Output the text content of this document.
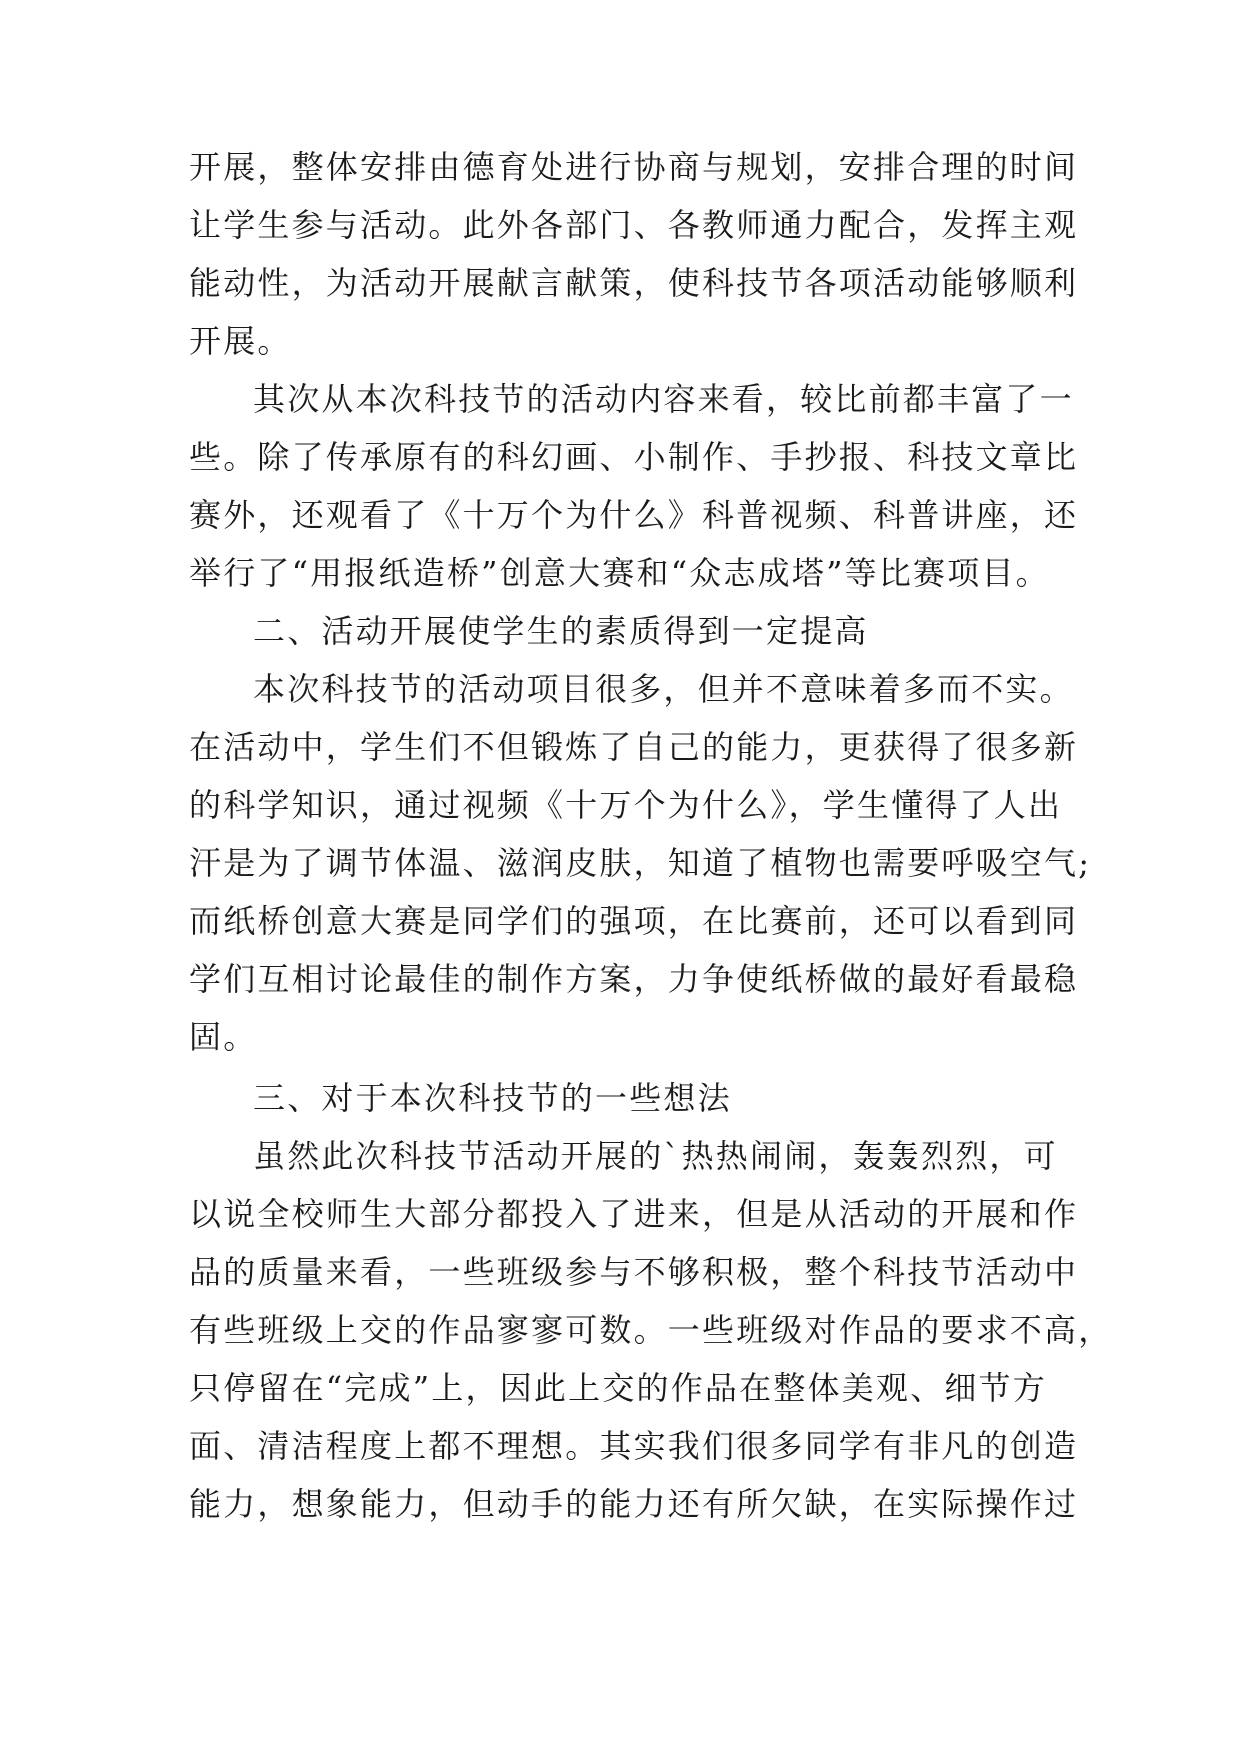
开展，整体安排由德育处进行协商与规划，安排合理的时间
让学生参与活动。此外各部门、各教师通力配合，发挥主观
能动性，为活动开展献言献策，使科技节各项活动能够顺利
开展。
其次从本次科技节的活动内容来看，较比前都丰富了一
些。除了传承原有的科幻画、小制作、手抄报、科技文章比
赛外，还观看了《十万个为什么》科普视频、科普讲座，还
举行了“用报纸造桥”创意大赛和“众志成塔”等比赛项目。
二、活动开展使学生的素质得到一定提高
本次科技节的活动项目很多，但并不意味着多而不实。
在活动中，学生们不但锻炼了自己的能力，更获得了很多新
的科学知识，通过视频《十万个为什么》，学生懂得了人出
汗是为了调节体温、滋润皮肤，知道了植物也需要呼吸空气;
而纸桥创意大赛是同学们的强项，在比赛前，还可以看到同
学们互相讨论最佳的制作方案，力争使纸桥做的最好看最稳
固。
三、对于本次科技节的一些想法
虽然此次科技节活动开展的`热热闹闹，轰轰烈烈，可
以说全校师生大部分都投入了进来，但是从活动的开展和作
品的质量来看，一些班级参与不够积极，整个科技节活动中
有些班级上交的作品寥寥可数。一些班级对作品的要求不高，
只停留在“完成”上，因此上交的作品在整体美观、细节方
面、清洁程度上都不理想。其实我们很多同学有非凡的创造
能力，想象能力，但动手的能力还有所欠缺，在实际操作过
